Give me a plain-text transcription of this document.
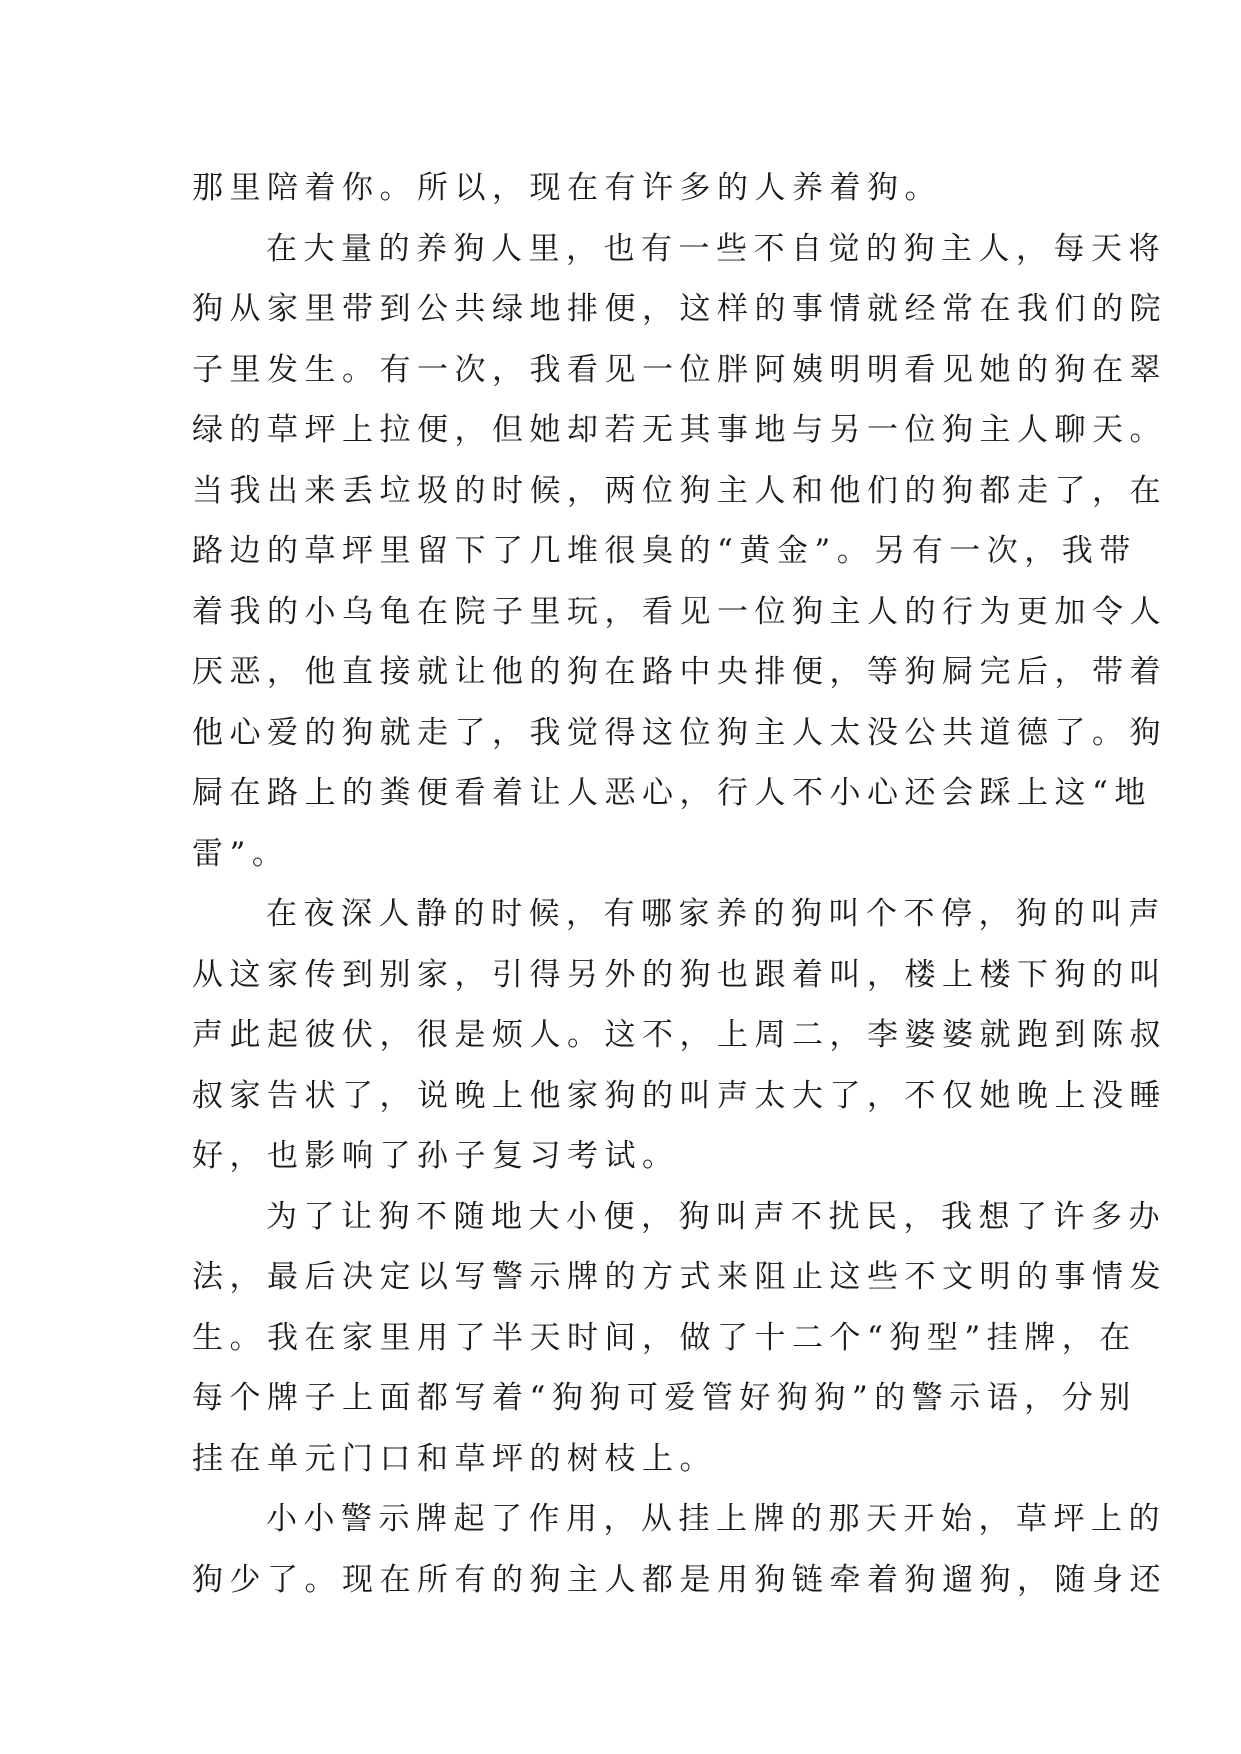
那里陪着你。所以，现在有许多的人养着狗。
在大量的养狗人里，也有一些不自觉的狗主人，每天将
狗从家里带到公共绿地排便，这样的事情就经常在我们的院
子里发生。有一次，我看见一位胖阿姨明明看见她的狗在翠
绿的草坪上拉便，但她却若无其事地与另一位狗主人聊天。
当我出来丢垃圾的时候，两位狗主人和他们的狗都走了，在
路边的草坪里留下了几堆很臭的“黄金”。另有一次，我带
着我的小乌龟在院子里玩，看见一位狗主人的行为更加令人
厌恶，他直接就让他的狗在路中央排便，等狗屙完后，带着
他心爱的狗就走了，我觉得这位狗主人太没公共道德了。狗
屙在路上的粪便看着让人恶心，行人不小心还会踩上这“地
雷”。
在夜深人静的时候，有哪家养的狗叫个不停，狗的叫声
从这家传到别家，引得另外的狗也跟着叫，楼上楼下狗的叫
声此起彼伏，很是烦人。这不，上周二，李婆婆就跑到陈叔
叔家告状了，说晚上他家狗的叫声太大了，不仅她晚上没睡
好，也影响了孙子复习考试。
为了让狗不随地大小便，狗叫声不扰民，我想了许多办
法，最后决定以写警示牌的方式来阻止这些不文明的事情发
生。我在家里用了半天时间，做了十二个“狗型”挂牌，在
每个牌子上面都写着“狗狗可爱管好狗狗”的警示语，分别
挂在单元门口和草坪的树枝上。
小小警示牌起了作用，从挂上牌的那天开始，草坪上的
狗少了。现在所有的狗主人都是用狗链牵着狗遛狗，随身还
